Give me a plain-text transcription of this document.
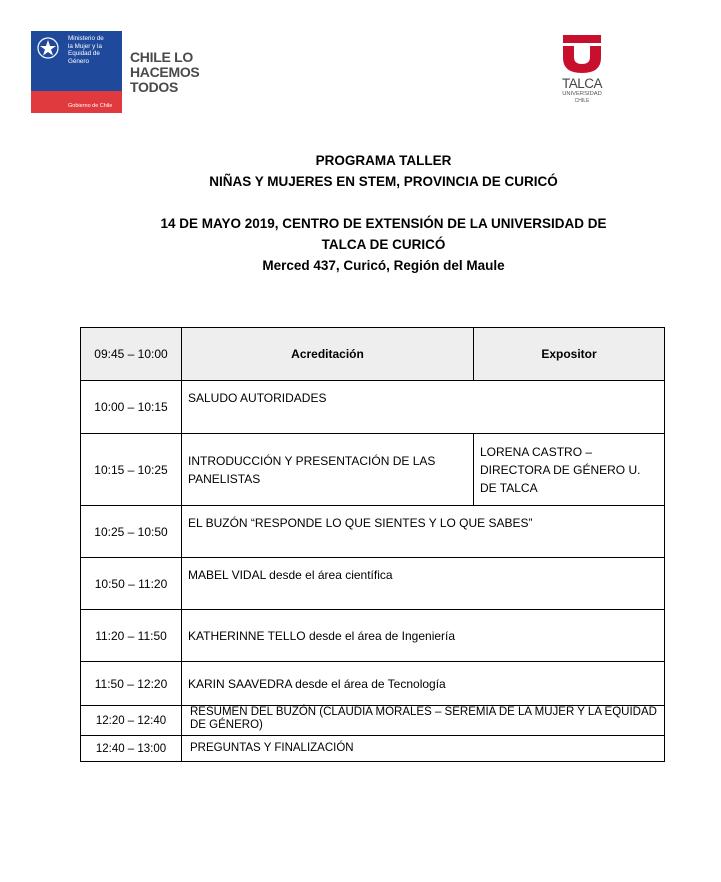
Ministerio de
la Mujer y la
Equidad de
Género
Gobierno de Chile
CHILE LO
HACEMOS
TODOS	TALCA
UNIVERSIDAD
CHILE
PROGRAMA TALLER
NIÑAS Y MUJERES EN STEM, PROVINCIA DE CURICÓ
14 DE MAYO 2019, CENTRO DE EXTENSIÓN DE LA UNIVERSIDAD DE
TALCA DE CURICÓ
Merced 437, Curicó, Región del Maule
09:45 – 10:00	Acreditación	Expositor
10:00 – 10:15	SALUDO AUTORIDADES	
10:15 – 10:25	INTRODUCCIÓN Y PRESENTACIÓN DE LAS PANELISTAS	LORENA CASTRO – DIRECTORA DE GÉNERO U. DE TALCA
10:25 – 10:50	EL BUZÓN “RESPONDE LO QUE SIENTES Y LO QUE SABES”	
10:50 – 11:20	MABEL VIDAL desde el área científica	
11:20 – 11:50	KATHERINNE TELLO desde el área de Ingeniería	
11:50 – 12:20	KARIN SAAVEDRA desde el área de Tecnología	
12:20 – 12:40	RESUMEN DEL BUZÓN (CLAUDIA MORALES – SEREMIA DE LA MUJER Y LA EQUIDAD DE GÉNERO)	
12:40 – 13:00	PREGUNTAS Y FINALIZACIÓN	
